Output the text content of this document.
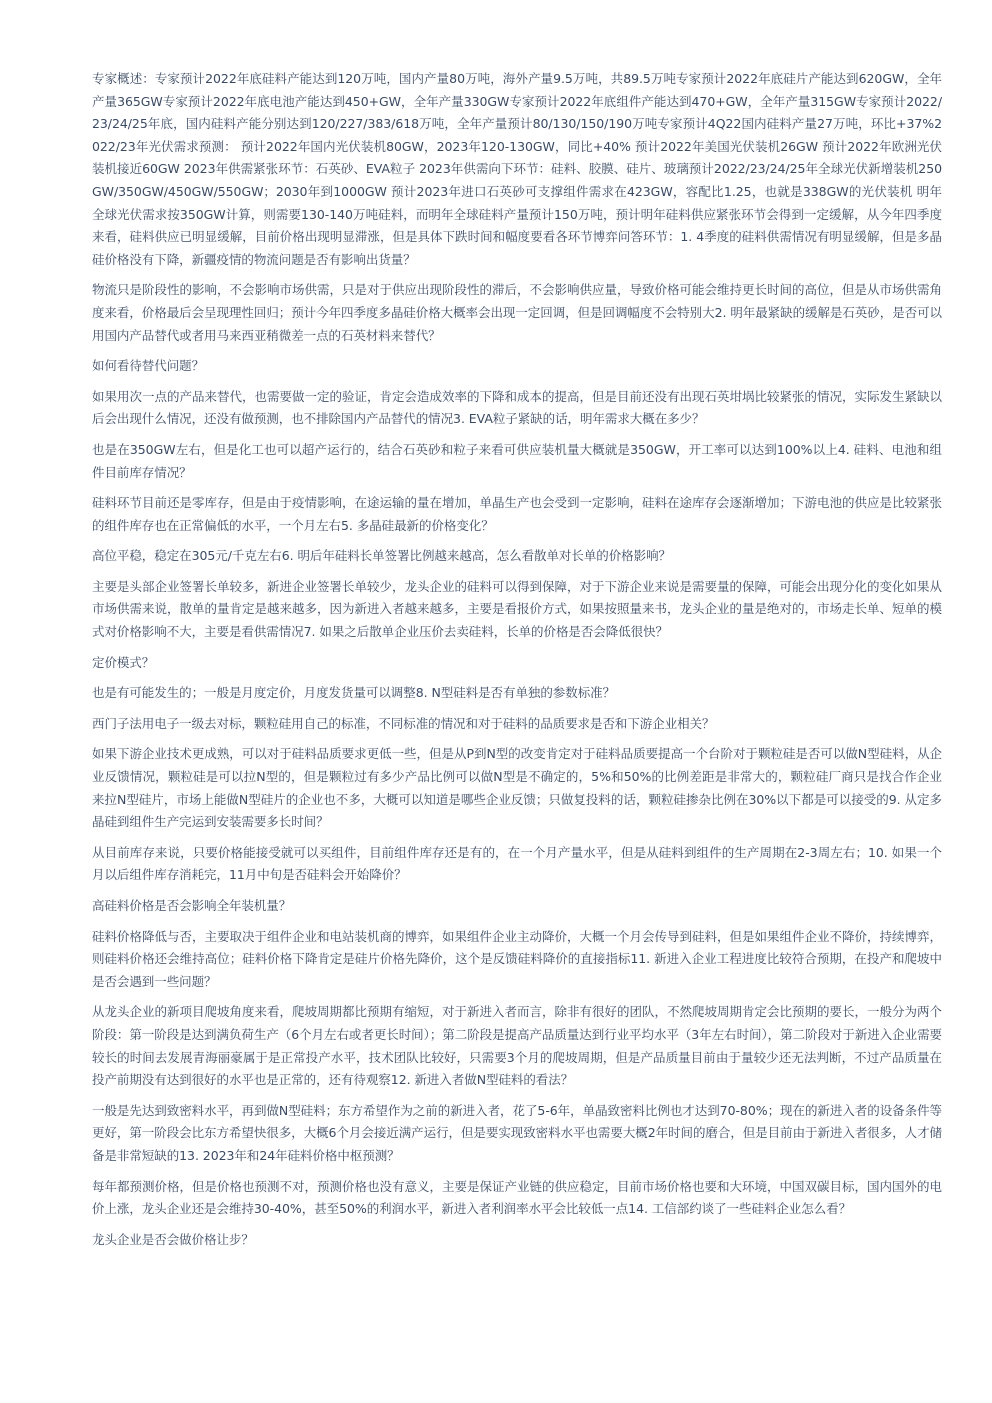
专家概述：专家预计2022年底硅料产能达到120万吨，国内产量80万吨，海外产量9.5万吨，共89.5万吨专家预计2022年底硅片产能达到620GW，全年产量365GW专家预计2022年底电池产能达到450+GW，全年产量330GW专家预计2022年底组件产能达到470+GW，全年产量315GW专家预计2022/23/24/25年底，国内硅料产能分别达到120/227/383/618万吨，全年产量预计80/130/150/190万吨专家预计4Q22国内硅料产量27万吨，环比+37%2022/23年光伏需求预测： 预计2022年国内光伏装机80GW，2023年120-130GW，同比+40% 预计2022年美国光伏装机26GW 预计2022年欧洲光伏装机接近60GW 2023年供需紧张环节：石英砂、EVA粒子 2023年供需向下环节：硅料、胶膜、硅片、玻璃预计2022/23/24/25年全球光伏新增装机250GW/350GW/450GW/550GW；2030年到1000GW 预计2023年进口石英砂可支撑组件需求在423GW，容配比1.25，也就是338GW的光伏装机 明年全球光伏需求按350GW计算，则需要130-140万吨硅料，而明年全球硅料产量预计150万吨，预计明年硅料供应紧张环节会得到一定缓解，从今年四季度来看，硅料供应已明显缓解，目前价格出现明显滞涨，但是具体下跌时间和幅度要看各环节博弈问答环节：1. 4季度的硅料供需情况有明显缓解，但是多晶硅价格没有下降，新疆疫情的物流问题是否有影响出货量？

物流只是阶段性的影响，不会影响市场供需，只是对于供应出现阶段性的滞后，不会影响供应量，导致价格可能会维持更长时间的高位，但是从市场供需角度来看，价格最后会呈现理性回归；预计今年四季度多晶硅价格大概率会出现一定回调，但是回调幅度不会特别大2. 明年最紧缺的缓解是石英砂，是否可以用国内产品替代或者用马来西亚稍微差一点的石英材料来替代？

如何看待替代问题？

如果用次一点的产品来替代，也需要做一定的验证，肯定会造成效率的下降和成本的提高，但是目前还没有出现石英坩埚比较紧张的情况，实际发生紧缺以后会出现什么情况，还没有做预测，也不排除国内产品替代的情况3. EVA粒子紧缺的话，明年需求大概在多少？

也是在350GW左右，但是化工也可以超产运行的，结合石英砂和粒子来看可供应装机量大概就是350GW，开工率可以达到100%以上4. 硅料、电池和组件目前库存情况？

硅料环节目前还是零库存，但是由于疫情影响，在途运输的量在增加，单晶生产也会受到一定影响，硅料在途库存会逐渐增加；下游电池的供应是比较紧张的组件库存也在正常偏低的水平，一个月左右5. 多晶硅最新的价格变化？

高位平稳，稳定在305元/千克左右6. 明后年硅料长单签署比例越来越高，怎么看散单对长单的价格影响？

主要是头部企业签署长单较多，新进企业签署长单较少，龙头企业的硅料可以得到保障，对于下游企业来说是需要量的保障，可能会出现分化的变化如果从市场供需来说，散单的量肯定是越来越多，因为新进入者越来越多，主要是看报价方式，如果按照量来书，龙头企业的量是绝对的，市场走长单、短单的模式对价格影响不大，主要是看供需情况7. 如果之后散单企业压价去卖硅料，长单的价格是否会降低很快？

定价模式？

也是有可能发生的；一般是月度定价，月度发货量可以调整8. N型硅料是否有单独的参数标准？

西门子法用电子一级去对标，颗粒硅用自己的标准，不同标准的情况和对于硅料的品质要求是否和下游企业相关？

如果下游企业技术更成熟，可以对于硅料品质要求更低一些，但是从P到N型的改变肯定对于硅料品质要提高一个台阶对于颗粒硅是否可以做N型硅料，从企业反馈情况，颗粒硅是可以拉N型的，但是颗粒过有多少产品比例可以做N型是不确定的，5%和50%的比例差距是非常大的，颗粒硅厂商只是找合作企业来拉N型硅片，市场上能做N型硅片的企业也不多，大概可以知道是哪些企业反馈；只做复投料的话，颗粒硅掺杂比例在30%以下都是可以接受的9. 从定多晶硅到组件生产完运到安装需要多长时间？

从目前库存来说，只要价格能接受就可以买组件，目前组件库存还是有的，在一个月产量水平，但是从硅料到组件的生产周期在2-3周左右；10. 如果一个月以后组件库存消耗完，11月中旬是否硅料会开始降价？

高硅料价格是否会影响全年装机量？

硅料价格降低与否，主要取决于组件企业和电站装机商的博弈，如果组件企业主动降价，大概一个月会传导到硅料，但是如果组件企业不降价，持续博弈，则硅料价格还会维持高位；硅料价格下降肯定是硅片价格先降价，这个是反馈硅料降价的直接指标11. 新进入企业工程进度比较符合预期，在投产和爬坡中是否会遇到一些问题？

从龙头企业的新项目爬坡角度来看，爬坡周期都比预期有缩短，对于新进入者而言，除非有很好的团队，不然爬坡周期肯定会比预期的要长，一般分为两个阶段：第一阶段是达到满负荷生产（6个月左右或者更长时间）；第二阶段是提高产品质量达到行业平均水平（3年左右时间），第二阶段对于新进入企业需要较长的时间去发展青海丽豪属于是正常投产水平，技术团队比较好，只需要3个月的爬坡周期，但是产品质量目前由于量较少还无法判断，不过产品质量在投产前期没有达到很好的水平也是正常的，还有待观察12. 新进入者做N型硅料的看法？

一般是先达到致密料水平，再到做N型硅料；东方希望作为之前的新进入者，花了5-6年，单晶致密料比例也才达到70-80%；现在的新进入者的设备条件等更好，第一阶段会比东方希望快很多，大概6个月会接近满产运行，但是要实现致密料水平也需要大概2年时间的磨合，但是目前由于新进入者很多，人才储备是非常短缺的13. 2023年和24年硅料价格中枢预测？

每年都预测价格，但是价格也预测不对，预测价格也没有意义，主要是保证产业链的供应稳定，目前市场价格也要和大环境，中国双碳目标，国内国外的电价上涨，龙头企业还是会维持30-40%，甚至50%的利润水平，新进入者利润率水平会比较低一点14. 工信部约谈了一些硅料企业怎么看？

龙头企业是否会做价格让步？
